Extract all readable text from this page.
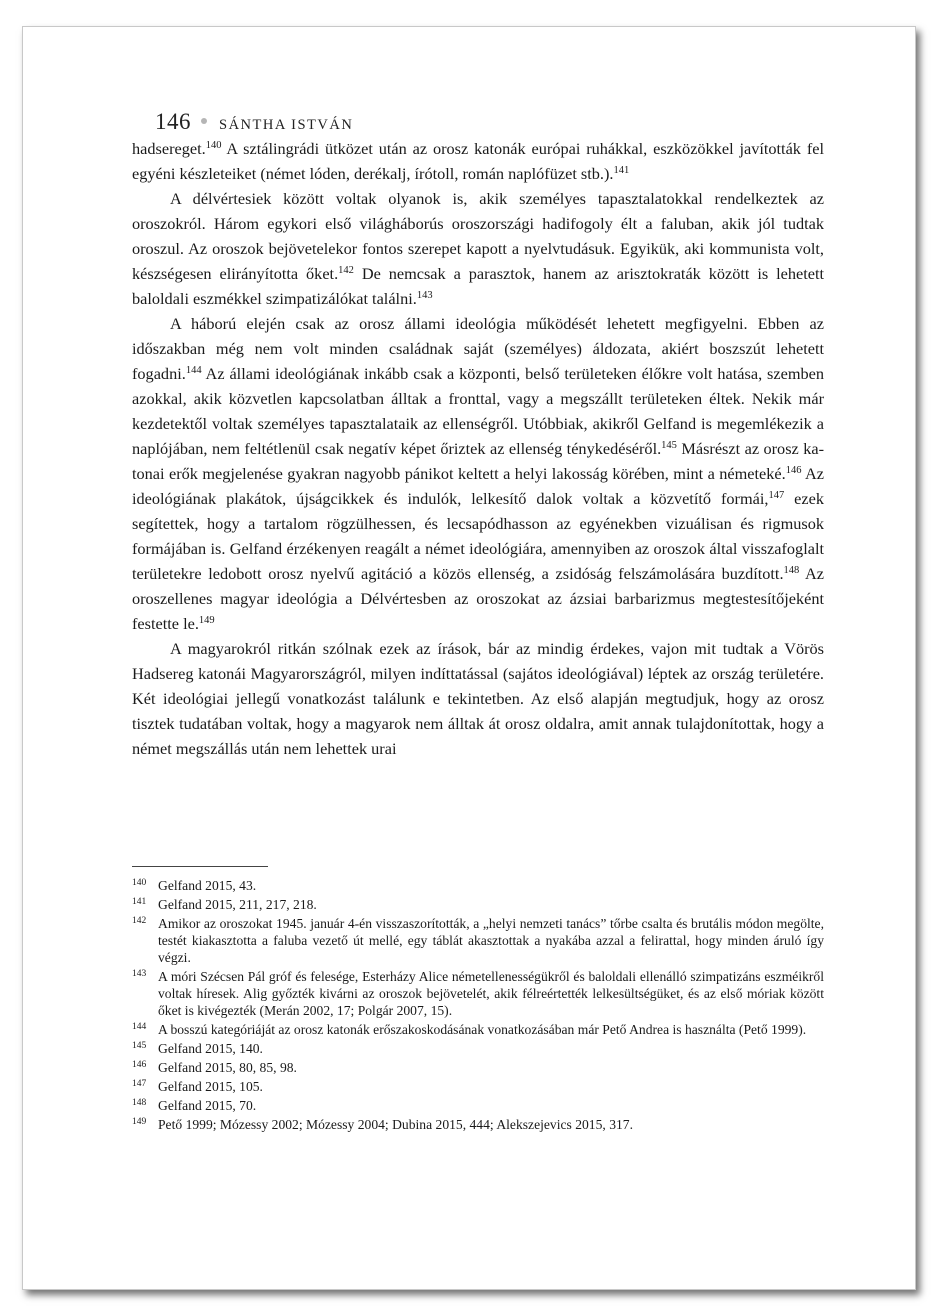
146 SÁNTHA ISTVÁN

hadsereget.$^{140}$ A sztálingrádi ütközet után az orosz katonák európai ruhákkal, eszközökkel javították fel egyéni készleteiket (német lóden, derékalj, írótoll, román naplófüzet stb.).$^{141}$

A délvértesiek között voltak olyanok is, akik személyes tapasztalatokkal rendelkeztek az oroszokról. Három egykori első világháborús oroszországi hadifogoly élt a faluban, akik jól tudtak oroszul. Az oroszok bejövetelekor fontos szerepet kapott a nyelvtudásuk. Egyikük, aki kommunista volt, készségesen elirányította őket.$^{142}$ De nemcsak a parasztok, hanem az arisztokraták között is lehetett baloldali eszmékkel szimpatizálókat találni.$^{143}$

A háború elején csak az orosz állami ideológia működését lehetett megfigyelni. Ebben az időszakban még nem volt minden családnak saját (személyes) áldozata, akiért boszszút lehetett fogadni.$^{144}$ Az állami ideológiának inkább csak a központi, belső területeken élőkre volt hatása, szemben azokkal, akik közvetlen kapcsolatban álltak a fronttal, vagy a megszállt területeken éltek. Nekik már kezdetektől voltak személyes tapasztalataik az ellenségről. Utóbbiak, akikről Gelfand is megemlékezik a naplójában, nem feltétlenül csak negatív képet őriztek az ellenség ténykedéséről.$^{145}$ Másrészt az orosz katonai erők megjelenése gyakran nagyobb pánikot keltett a helyi lakosság körében, mint a németeké.$^{146}$ Az ideológiának plakátok, újságcikkek és indulók, lelkesítő dalok voltak a közvetítő formái,$^{147}$ ezek segítettek, hogy a tartalom rögzülhessen, és lecsapódhasson az egyénekben vizuálisan és rigmusok formájában is. Gelfand érzékenyen reagált a német ideológiára, amennyiben az oroszok által visszafoglalt területekre ledobott orosz nyelvű agitáció a közös ellenség, a zsidóság felszámolására buzdított.$^{148}$ Az oroszellenes magyar ideológia a Délvértesben az oroszokat az ázsiai barbarizmus megtestesítőjeként festette le.$^{149}$

A magyarokról ritkán szólnak ezek az írások, bár az mindig érdekes, vajon mit tudtak a Vörös Hadsereg katonái Magyarországról, milyen indíttatással (sajátos ideológiával) léptek az ország területére. Két ideológiai jellegű vonatkozást találunk e tekintetben. Az első alapján megtudjuk, hogy az orosz tisztek tudatában voltak, hogy a magyarok nem álltak át orosz oldalra, amit annak tulajdonítottak, hogy a német megszállás után nem lehettek urai

140 Gelfand 2015, 43.
141 Gelfand 2015, 211, 217, 218.
142 Amikor az oroszokat 1945. január 4-én visszaszorították, a „helyi nemzeti tanács” tőrbe csalta és brutális módon megölte, testét kiakasztotta a faluba vezető út mellé, egy táblát akasztottak a nyakába azzal a felirattal, hogy minden áruló így végzi.
143 A móri Szécsen Pál gróf és felesége, Esterházy Alice németellenességükről és baloldali ellenálló szimpatizáns eszméikről voltak híresek. Alig győzték kivárni az oroszok bejövetelét, akik félreértették lelkesültségüket, és az első móriak között őket is kivégezték (Merán 2002, 17; Polgár 2007, 15).
144 A bosszú kategóriáját az orosz katonák erőszakoskodásának vonatkozásában már Pető Andrea is használta (Pető 1999).
145 Gelfand 2015, 140.
146 Gelfand 2015, 80, 85, 98.
147 Gelfand 2015, 105.
148 Gelfand 2015, 70.
149 Pető 1999; Mózessy 2002; Mózessy 2004; Dubina 2015, 444; Alekszejevics 2015, 317.
